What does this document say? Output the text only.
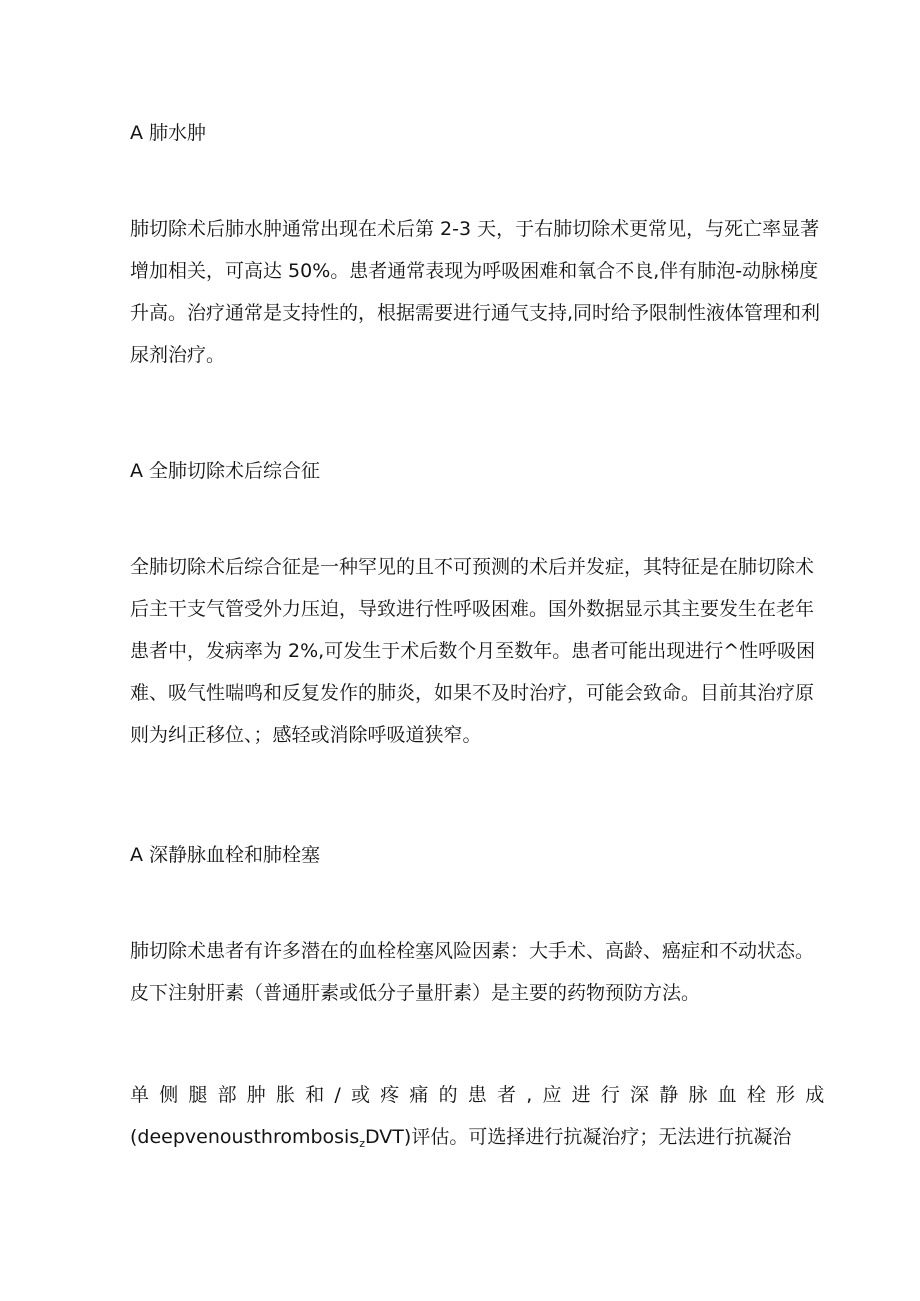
A 肺水肿
肺切除术后肺水肿通常出现在术后第 2-3 天，于右肺切除术更常见，与死亡率显著
增加相关，可高达 50%。患者通常表现为呼吸困难和氧合不良,伴有肺泡-动脉梯度
升高。治疗通常是支持性的，根据需要进行通气支持,同时给予限制性液体管理和利
尿剂治疗。
A 全肺切除术后综合征
全肺切除术后综合征是一种罕见的且不可预测的术后并发症，其特征是在肺切除术
后主干支气管受外力压迫，导致进行性呼吸困难。国外数据显示其主要发生在老年
患者中，发病率为 2%,可发生于术后数个月至数年。患者可能出现进行^性呼吸困
难、吸气性喘鸣和反复发作的肺炎，如果不及时治疗，可能会致命。目前其治疗原
则为纠正移位、；感轻或消除呼吸道狭窄。
A 深静脉血栓和肺栓塞
肺切除术患者有许多潜在的血栓栓塞风险因素：大手术、高龄、癌症和不动状态。
皮下注射肝素（普通肝素或低分子量肝素）是主要的药物预防方法。
单侧腿部肿胀和/或疼痛的患者,应进行深静脉血栓形成
(deepvenousthrombosis$_z$DVT)评估。可选择进行抗凝治疗；无法进行抗凝治
